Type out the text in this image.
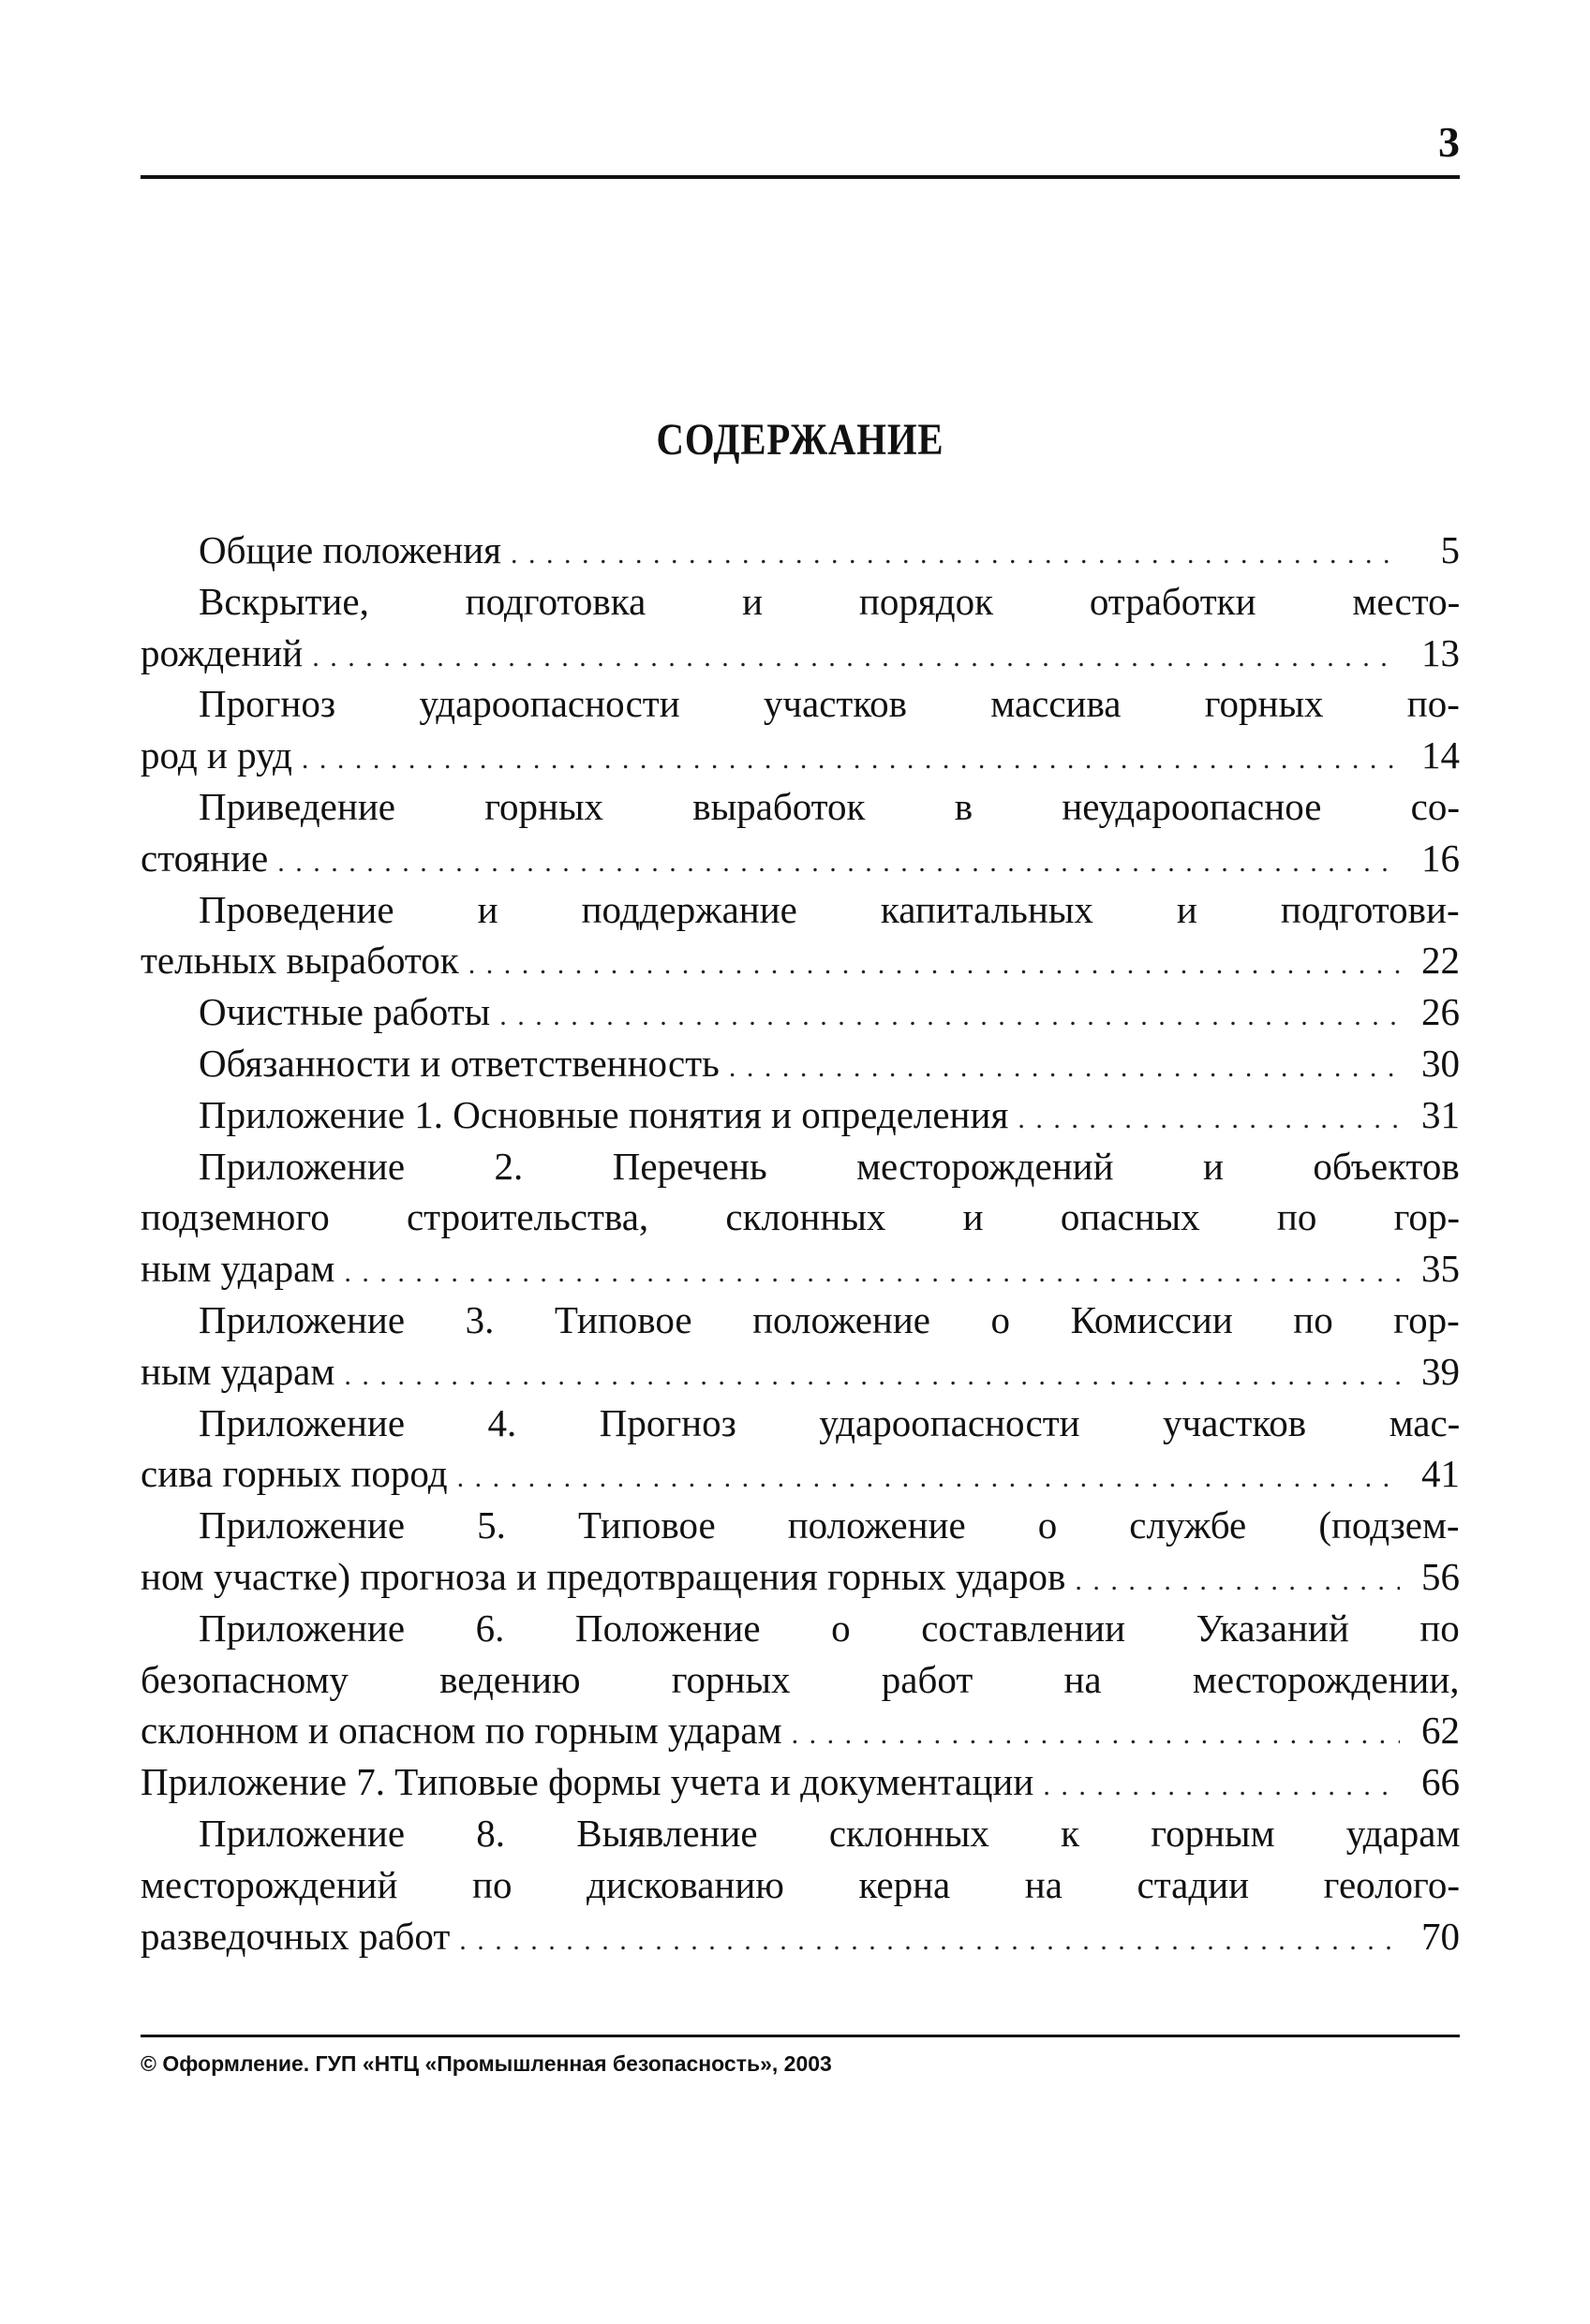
3
СОДЕРЖАНИЕ
Общие положения . . .	5
Вскрытие, подготовка и порядок отработки место-
рождений . . .	13
Прогноз удароопасности участков массива горных по-
род и руд . . .	14
Приведение горных выработок в неудароопасное со-
стояние . . .	16
Проведение и поддержание капитальных и подготови-
тельных выработок . . .	22
Очистные работы . . .	26
Обязанности и ответственность . . .	30
Приложение 1. Основные понятия и определения . . .	31
Приложение 2. Перечень месторождений и объектов
подземного строительства, склонных и опасных по гор-
ным ударам . . .	35
Приложение 3. Типовое положение о Комиссии по гор-
ным ударам . . .	39
Приложение 4. Прогноз удароопасности участков мас-
сива горных пород . . .	41
Приложение 5. Типовое положение о службе (подзем-
ном участке) прогноза и предотвращения горных ударов . . .	56
Приложение 6. Положение о составлении Указаний по
безопасному ведению горных работ на месторождении,
склонном и опасном по горным ударам . . .	62
Приложение 7. Типовые формы учета и документации . . .	66
Приложение 8. Выявление склонных к горным ударам
месторождений по дискованию керна на стадии геолого-
разведочных работ . . .	70
© Оформление. ГУП «НТЦ «Промышленная безопасность», 2003
